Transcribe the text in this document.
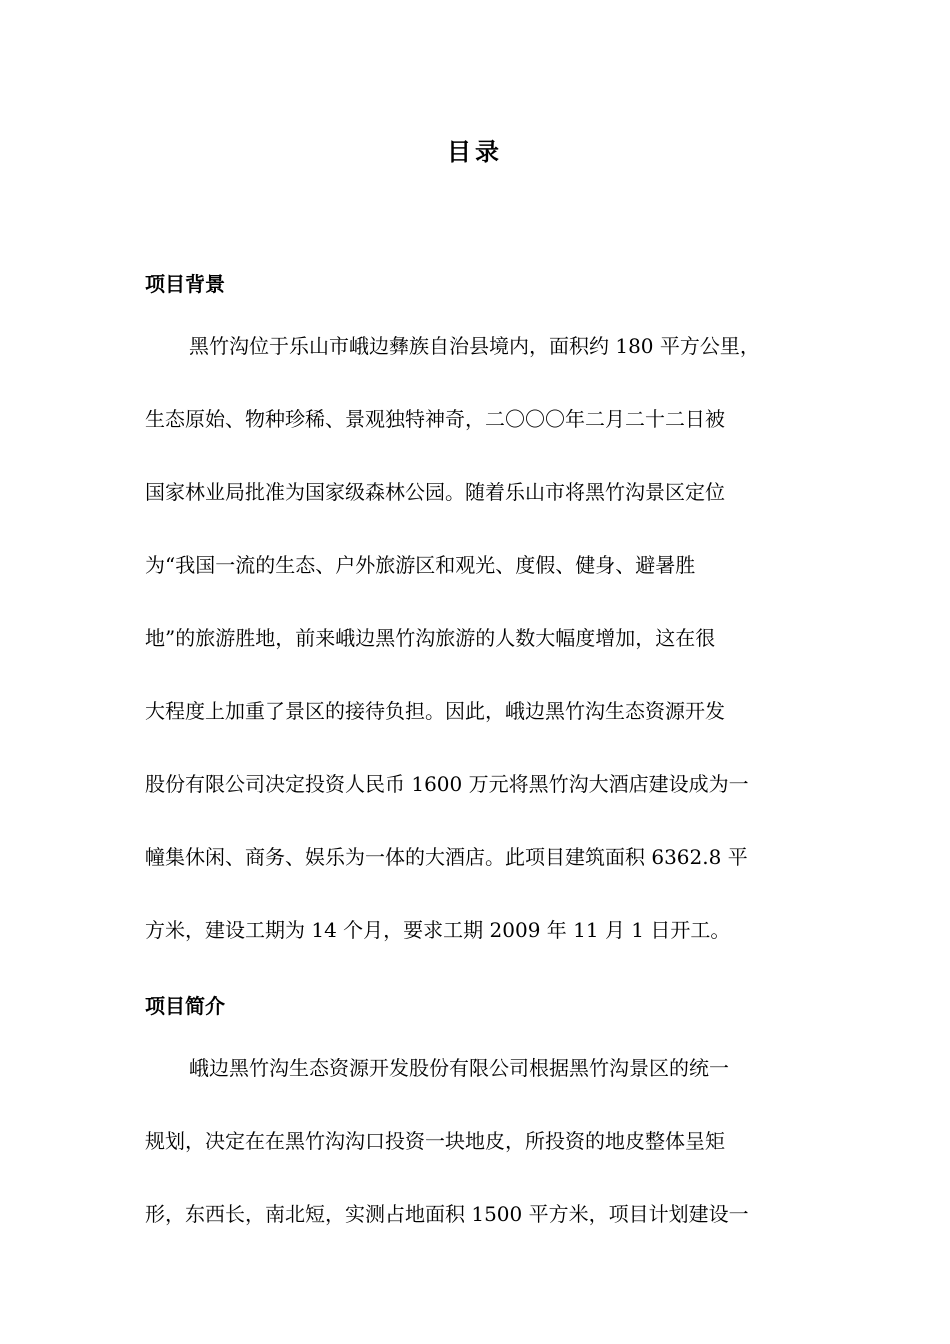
目录
项目背景
黑竹沟位于乐山市峨边彝族自治县境内，面积约 180 平方公里，
生态原始、物种珍稀、景观独特神奇，二〇〇〇年二月二十二日被
国家林业局批准为国家级森林公园。随着乐山市将黑竹沟景区定位
为“我国一流的生态、户外旅游区和观光、度假、健身、避暑胜
地”的旅游胜地，前来峨边黑竹沟旅游的人数大幅度增加，这在很
大程度上加重了景区的接待负担。因此，峨边黑竹沟生态资源开发
股份有限公司决定投资人民币 1600 万元将黑竹沟大酒店建设成为一
幢集休闲、商务、娱乐为一体的大酒店。此项目建筑面积 6362.8 平
方米，建设工期为 14 个月，要求工期 2009 年 11 月 1 日开工。
项目简介
峨边黑竹沟生态资源开发股份有限公司根据黑竹沟景区的统一
规划，决定在在黑竹沟沟口投资一块地皮，所投资的地皮整体呈矩
形，东西长，南北短，实测占地面积 1500 平方米，项目计划建设一
